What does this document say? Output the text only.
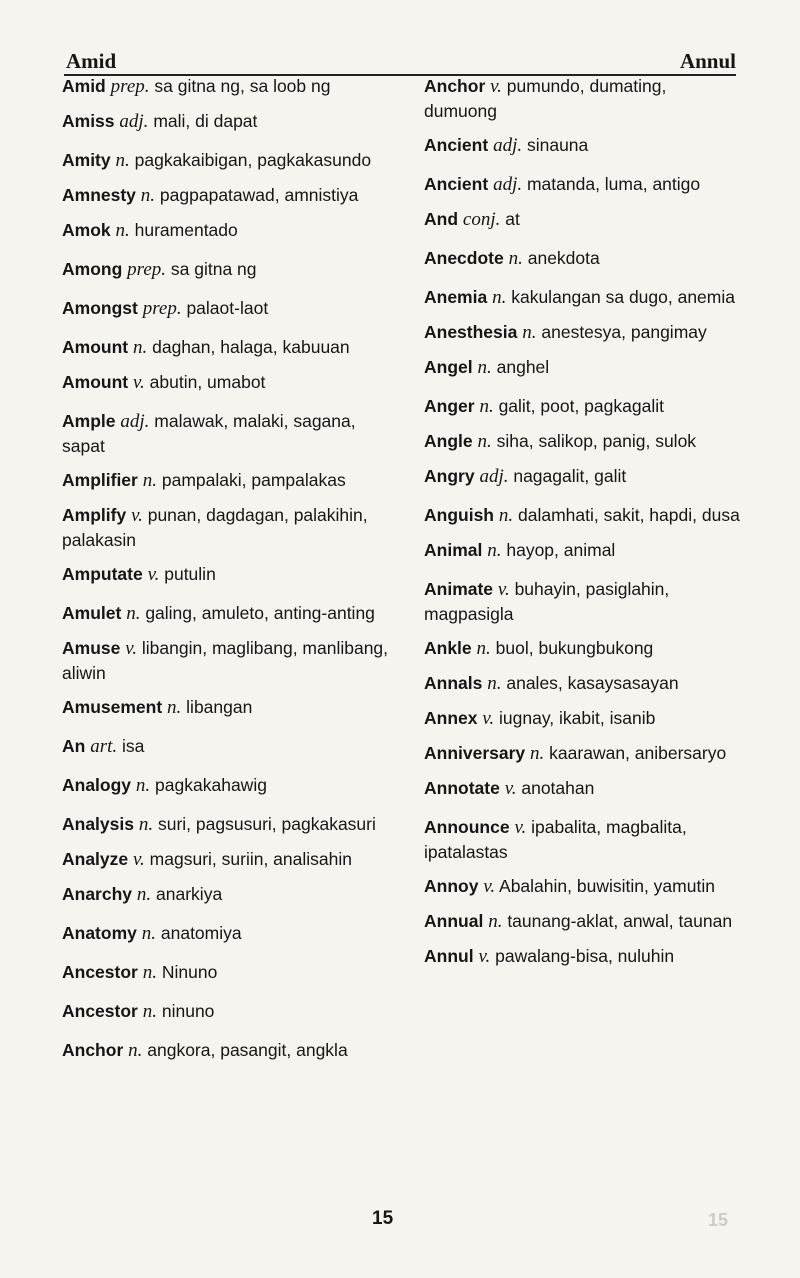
Amid	Annul

Amid prep. sa gitna ng, sa loob ng

Amiss adj. mali, di dapat

Amity n. pagkakaibigan, pagkakasundo

Amnesty n. pagpapatawad, amnistiya

Amok n. huramentado

Among prep. sa gitna ng

Amongst prep. palaot-laot

Amount n. daghan, halaga, kabuuan

Amount v. abutin, umabot

Ample adj. malawak, malaki, sagana, sapat

Amplifier n. pampalaki, pampalakas

Amplify v. punan, dagdagan, palakihin, palakasin

Amputate v. putulin

Amulet n. galing, amuleto, anting-anting

Amuse v. libangin, maglibang, manlibang, aliwin

Amusement n. libangan

An art. isa

Analogy n. pagkakahawig

Analysis n. suri, pagsusuri, pagkakasuri

Analyze v. magsuri, suriin, analisahin

Anarchy n. anarkiya

Anatomy n. anatomiya

Ancestor n. Ninuno

Ancestor n. ninuno

Anchor n. angkora, pasangit, angkla

Anchor v. pumundo, dumating, dumuong

Ancient adj. sinauna

Ancient adj. matanda, luma, antigo

And conj. at

Anecdote n. anekdota

Anemia n. kakulangan sa dugo, anemia

Anesthesia n. anestesya, pangimay

Angel n. anghel

Anger n. galit, poot, pagkagalit

Angle n. siha, salikop, panig, sulok

Angry adj. nagagalit, galit

Anguish n. dalamhati, sakit, hapdi, dusa

Animal n. hayop, animal

Animate v. buhayin, pasiglahin, magpasigla

Ankle n. buol, bukungbukong

Annals n. anales, kasaysasayan

Annex v. iugnay, ikabit, isanib

Anniversary n. kaarawan, anibersaryo

Annotate v. anotahan

Announce v. ipabalita, magbalita, ipatalastas

Annoy v. Abalahin, buwisitin, yamutin

Annual n. taunang-aklat, anwal, taunan

Annul v. pawalang-bisa, nuluhin

15	15
